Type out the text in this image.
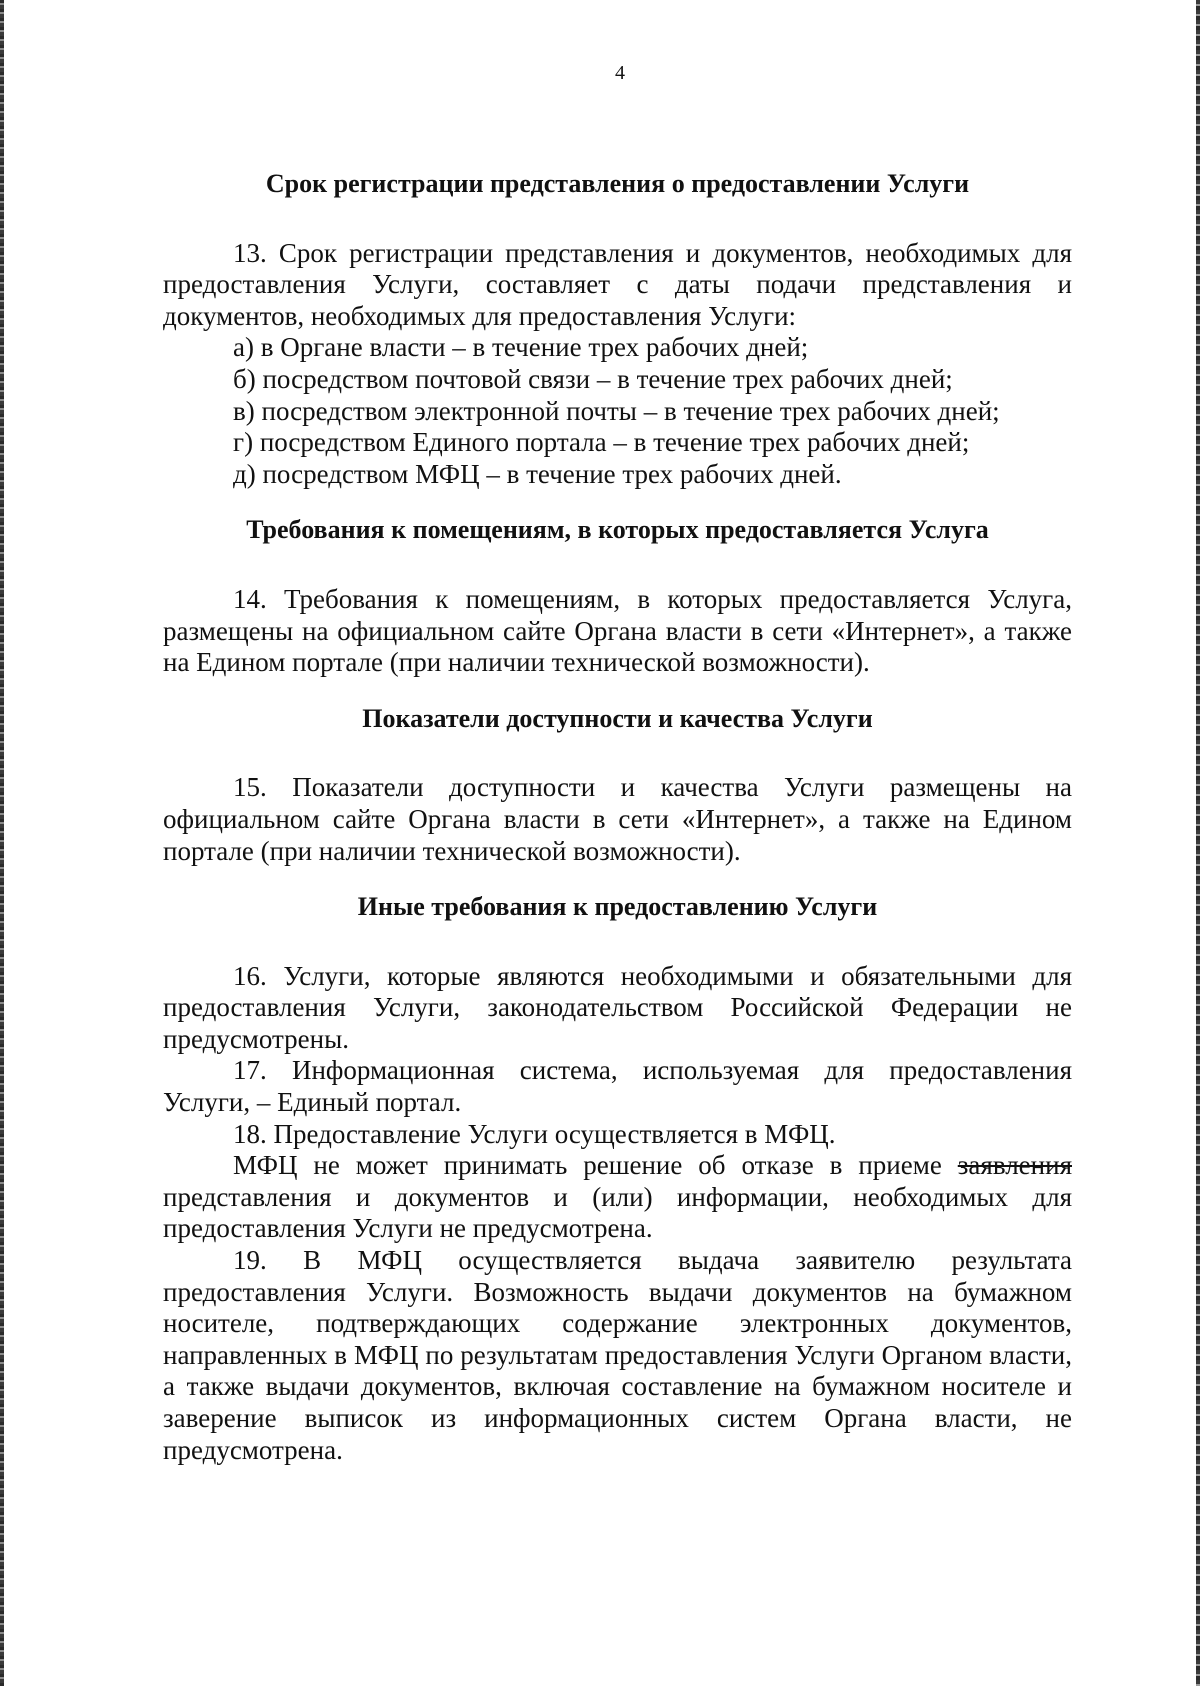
4

Срок регистрации представления о предоставлении Услуги

13. Срок регистрации представления и документов, необходимых для предоставления Услуги, составляет с даты подачи представления и документов, необходимых для предоставления Услуги:

а) в Органе власти – в течение трех рабочих дней;

б) посредством почтовой связи – в течение трех рабочих дней;

в) посредством электронной почты – в течение трех рабочих дней;

г) посредством Единого портала – в течение трех рабочих дней;

д) посредством МФЦ – в течение трех рабочих дней.

Требования к помещениям, в которых предоставляется Услуга

14. Требования к помещениям, в которых предоставляется Услуга, размещены на официальном сайте Органа власти в сети «Интернет», а также на Едином портале (при наличии технической возможности).

Показатели доступности и качества Услуги

15. Показатели доступности и качества Услуги размещены на официальном сайте Органа власти в сети «Интернет», а также на Едином портале (при наличии технической возможности).

Иные требования к предоставлению Услуги

16. Услуги, которые являются необходимыми и обязательными для предоставления Услуги, законодательством Российской Федерации не предусмотрены.

17. Информационная система, используемая для предоставления Услуги, – Единый портал.

18. Предоставление Услуги осуществляется в МФЦ.

МФЦ не может принимать решение об отказе в приеме заявления представления и документов и (или) информации, необходимых для предоставления Услуги не предусмотрена.

19. В МФЦ осуществляется выдача заявителю результата предоставления Услуги. Возможность выдачи документов на бумажном носителе, подтверждающих содержание электронных документов, направленных в МФЦ по результатам предоставления Услуги Органом власти, а также выдачи документов, включая составление на бумажном носителе и заверение выписок из информационных систем Органа власти, не предусмотрена.
